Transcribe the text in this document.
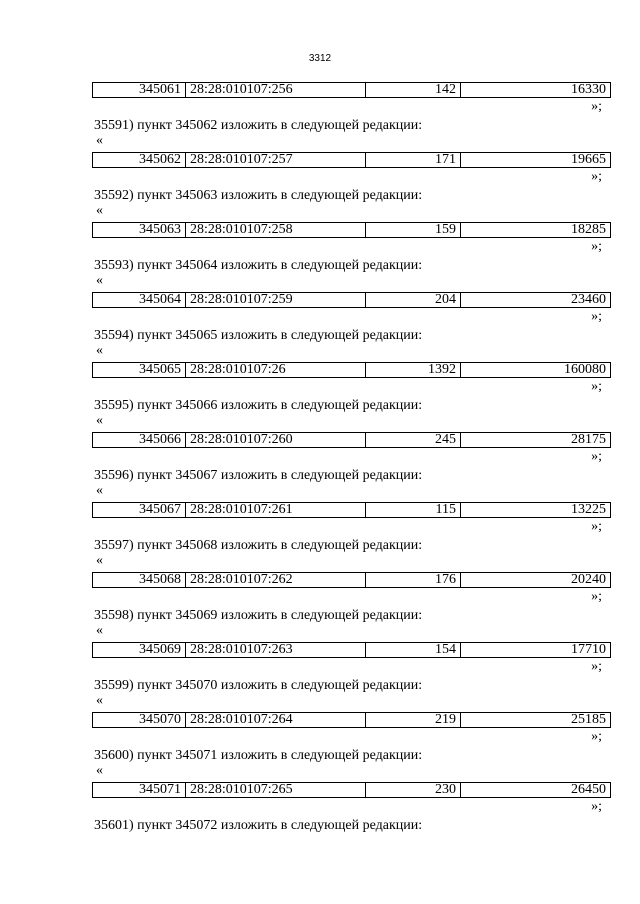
3312
345061 28:28:010107:256	142	16330
»;
35591) пункт 345062 изложить в следующей редакции:
«
345062 28:28:010107:257	171	19665
»;
35592) пункт 345063 изложить в следующей редакции:
«
345063 28:28:010107:258	159	18285
»;
35593) пункт 345064 изложить в следующей редакции:
«
345064 28:28:010107:259	204	23460
»;
35594) пункт 345065 изложить в следующей редакции:
«
345065 28:28:010107:26	1392	160080
»;
35595) пункт 345066 изложить в следующей редакции:
«
345066 28:28:010107:260	245	28175
»;
35596) пункт 345067 изложить в следующей редакции:
«
345067 28:28:010107:261	115	13225
»;
35597) пункт 345068 изложить в следующей редакции:
«
345068 28:28:010107:262	176	20240
»;
35598) пункт 345069 изложить в следующей редакции:
«
345069 28:28:010107:263	154	17710
»;
35599) пункт 345070 изложить в следующей редакции:
«
345070 28:28:010107:264	219	25185
»;
35600) пункт 345071 изложить в следующей редакции:
«
345071 28:28:010107:265	230	26450
»;
35601) пункт 345072 изложить в следующей редакции:
